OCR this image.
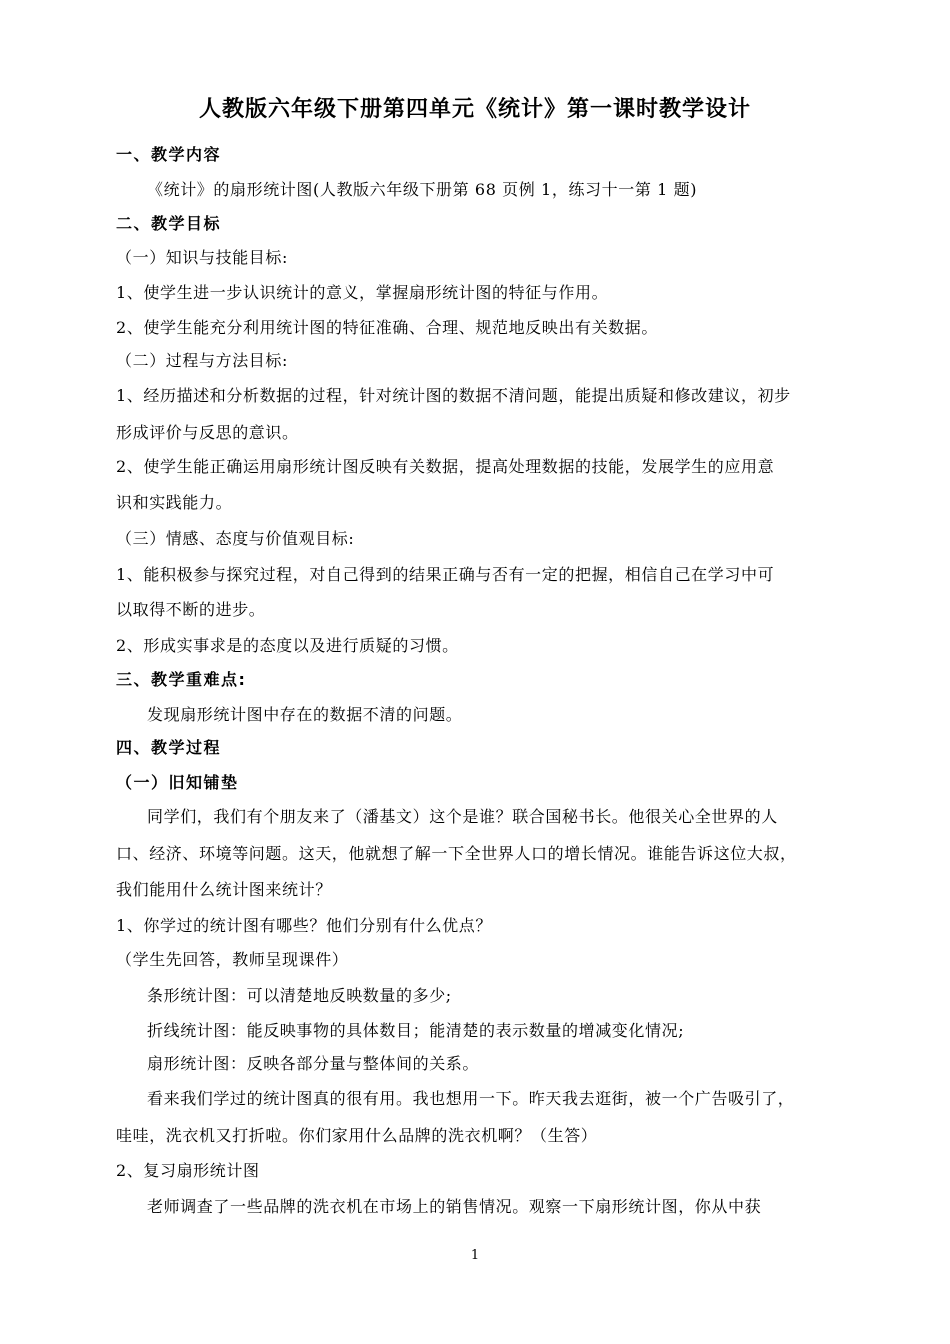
人教版六年级下册第四单元《统计》第一课时教学设计
一、教学内容
《统计》的扇形统计图(人教版六年级下册第 68 页例 1，练习十一第 1 题)
二、教学目标
（一）知识与技能目标:
1、使学生进一步认识统计的意义，掌握扇形统计图的特征与作用。
2、使学生能充分利用统计图的特征准确、合理、规范地反映出有关数据。
（二）过程与方法目标:
1、经历描述和分析数据的过程，针对统计图的数据不清问题，能提出质疑和修改建议，初步
形成评价与反思的意识。
2、使学生能正确运用扇形统计图反映有关数据，提高处理数据的技能，发展学生的应用意
识和实践能力。
（三）情感、态度与价值观目标:
1、能积极参与探究过程，对自己得到的结果正确与否有一定的把握，相信自己在学习中可
以取得不断的进步。
2、形成实事求是的态度以及进行质疑的习惯。
三、教学重难点:
发现扇形统计图中存在的数据不清的问题。
四、教学过程
（一）旧知铺垫
同学们，我们有个朋友来了（潘基文）这个是谁？联合国秘书长。他很关心全世界的人
口、经济、环境等问题。这天，他就想了解一下全世界人口的增长情况。谁能告诉这位大叔，
我们能用什么统计图来统计？
1、你学过的统计图有哪些？他们分别有什么优点？
（学生先回答，教师呈现课件）
条形统计图：可以清楚地反映数量的多少;
折线统计图：能反映事物的具体数目；能清楚的表示数量的增减变化情况;
扇形统计图：反映各部分量与整体间的关系。
看来我们学过的统计图真的很有用。我也想用一下。昨天我去逛街，被一个广告吸引了，
哇哇，洗衣机又打折啦。你们家用什么品牌的洗衣机啊？（生答）
2、复习扇形统计图
老师调查了一些品牌的洗衣机在市场上的销售情况。观察一下扇形统计图，你从中获
1
